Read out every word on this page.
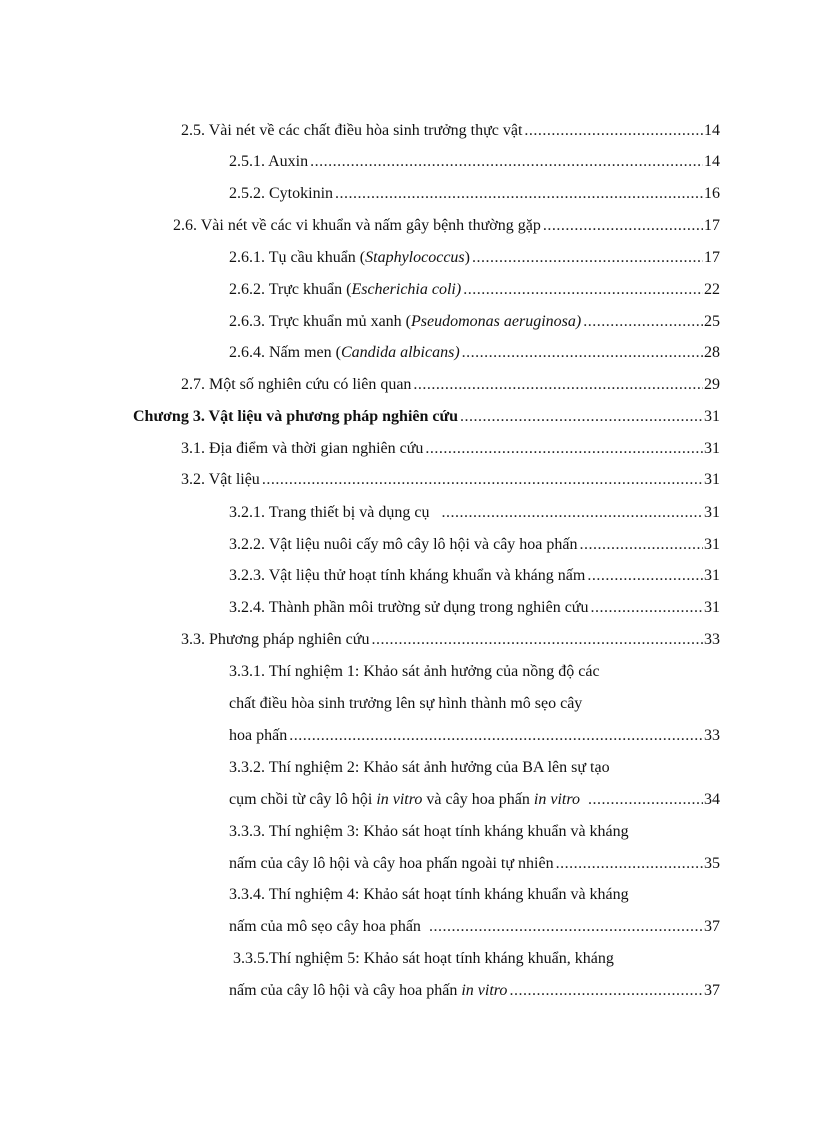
2.5. Vài nét về các chất điều hòa sinh trưởng thực vật .....	14
2.5.1. Auxin .....	14
2.5.2. Cytokinin .....	16
2.6. Vài nét về các vi khuẩn và nấm gây bệnh thường gặp .....	17
2.6.1. Tụ cầu khuẩn (Staphylococcus) .....	17
2.6.2. Trực khuẩn (Escherichia coli) .....	22
2.6.3. Trực khuẩn mủ xanh (Pseudomonas aeruginosa) .....	25
2.6.4. Nấm men (Candida albicans) .....	28
2.7. Một số nghiên cứu có liên quan .....	29
Chương 3. Vật liệu và phương pháp nghiên cứu .....	31
3.1. Địa điểm và thời gian nghiên cứu .....	31
3.2. Vật liệu .....	31
3.2.1. Trang thiết bị và dụng cụ .....	31
3.2.2. Vật liệu nuôi cấy mô cây lô hội và cây hoa phấn .....	31
3.2.3. Vật liệu thử hoạt tính kháng khuẩn và kháng nấm .....	31
3.2.4. Thành phần môi trường sử dụng trong nghiên cứu .....	31
3.3. Phương pháp nghiên cứu .....	33
3.3.1. Thí nghiệm 1: Khảo sát ảnh hưởng của nồng độ các
chất điều hòa sinh trưởng lên sự hình thành mô sẹo cây
hoa phấn .....	33
3.3.2. Thí nghiệm 2: Khảo sát ảnh hưởng của BA lên sự tạo
cụm chồi từ cây lô hội in vitro và cây hoa phấn in vitro .....	34
3.3.3. Thí nghiệm 3: Khảo sát hoạt tính kháng khuẩn và kháng
nấm của cây lô hội và cây hoa phấn ngoài tự nhiên .....	35
3.3.4. Thí nghiệm 4: Khảo sát hoạt tính kháng khuẩn và kháng
nấm của mô sẹo cây hoa phấn .....	37
3.3.5.Thí nghiệm 5: Khảo sát hoạt tính kháng khuẩn, kháng
nấm của cây lô hội và cây hoa phấn in vitro .....	37
